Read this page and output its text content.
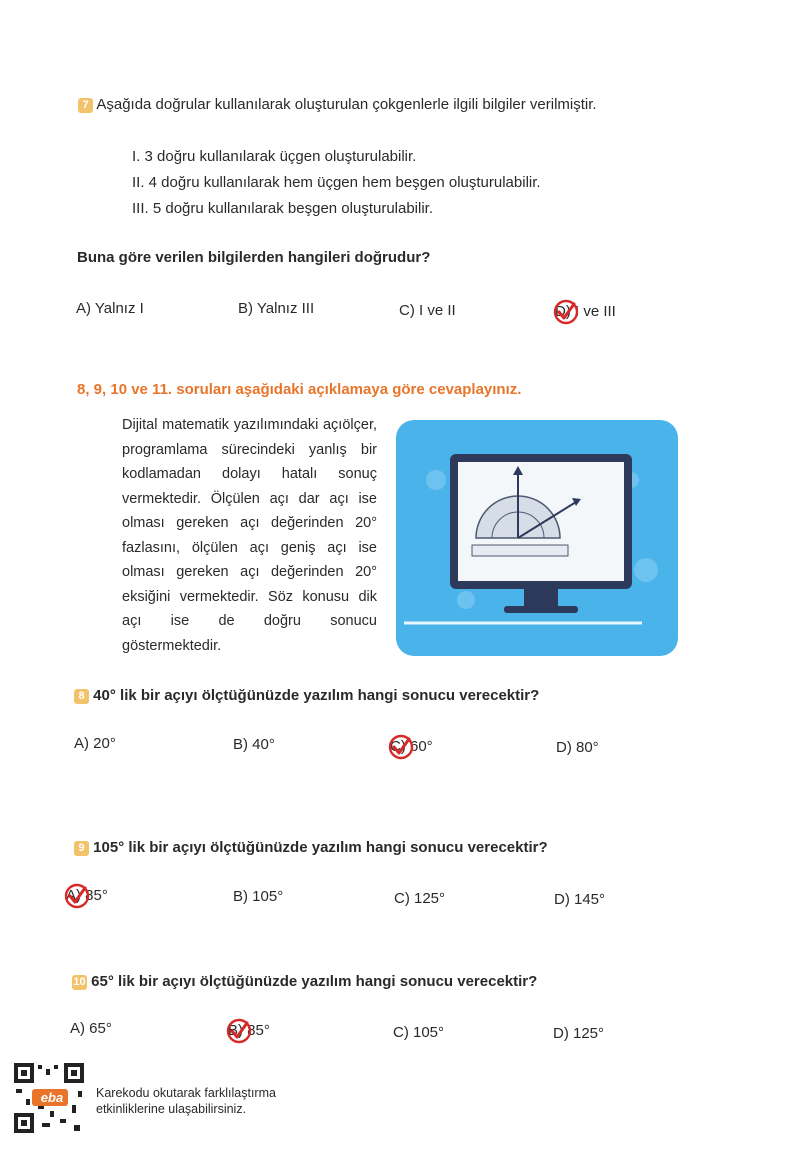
7 Aşağıda doğrular kullanılarak oluşturulan çokgenlerle ilgili bilgiler verilmiştir.
I. 3 doğru kullanılarak üçgen oluşturulabilir.
II. 4 doğru kullanılarak hem üçgen hem beşgen oluşturulabilir.
III. 5 doğru kullanılarak beşgen oluşturulabilir.
Buna göre verilen bilgilerden hangileri doğrudur?
A) Yalnız I	B) Yalnız III	C) I ve II	D) I ve III
8, 9, 10 ve 11. soruları aşağıdaki açıklamaya göre cevaplayınız.
Dijital matematik yazılımındaki açıölçer, programlama sürecindeki yanlış bir kodlamadan dolayı hatalı sonuç vermektedir. Ölçülen açı dar açı ise olması gereken açı değerinden 20° fazlasını, ölçülen açı geniş açı ise olması gereken açı değerinden 20° eksiğini vermektedir. Söz konusu dik açı ise de doğru sonucu göstermektedir.
8 40° lik bir açıyı ölçtüğünüzde yazılım hangi sonucu verecektir?
A) 20°	B) 40°	C) 60°	D) 80°
9 105° lik bir açıyı ölçtüğünüzde yazılım hangi sonucu verecektir?
A) 85°	B) 105°	C) 125°	D) 145°
10 65° lik bir açıyı ölçtüğünüzde yazılım hangi sonucu verecektir?
A) 65°	B) 85°	C) 105°	D) 125°
eba	Karekodu okutarak farklılaştırma
etkinliklerine ulaşabilirsiniz.
